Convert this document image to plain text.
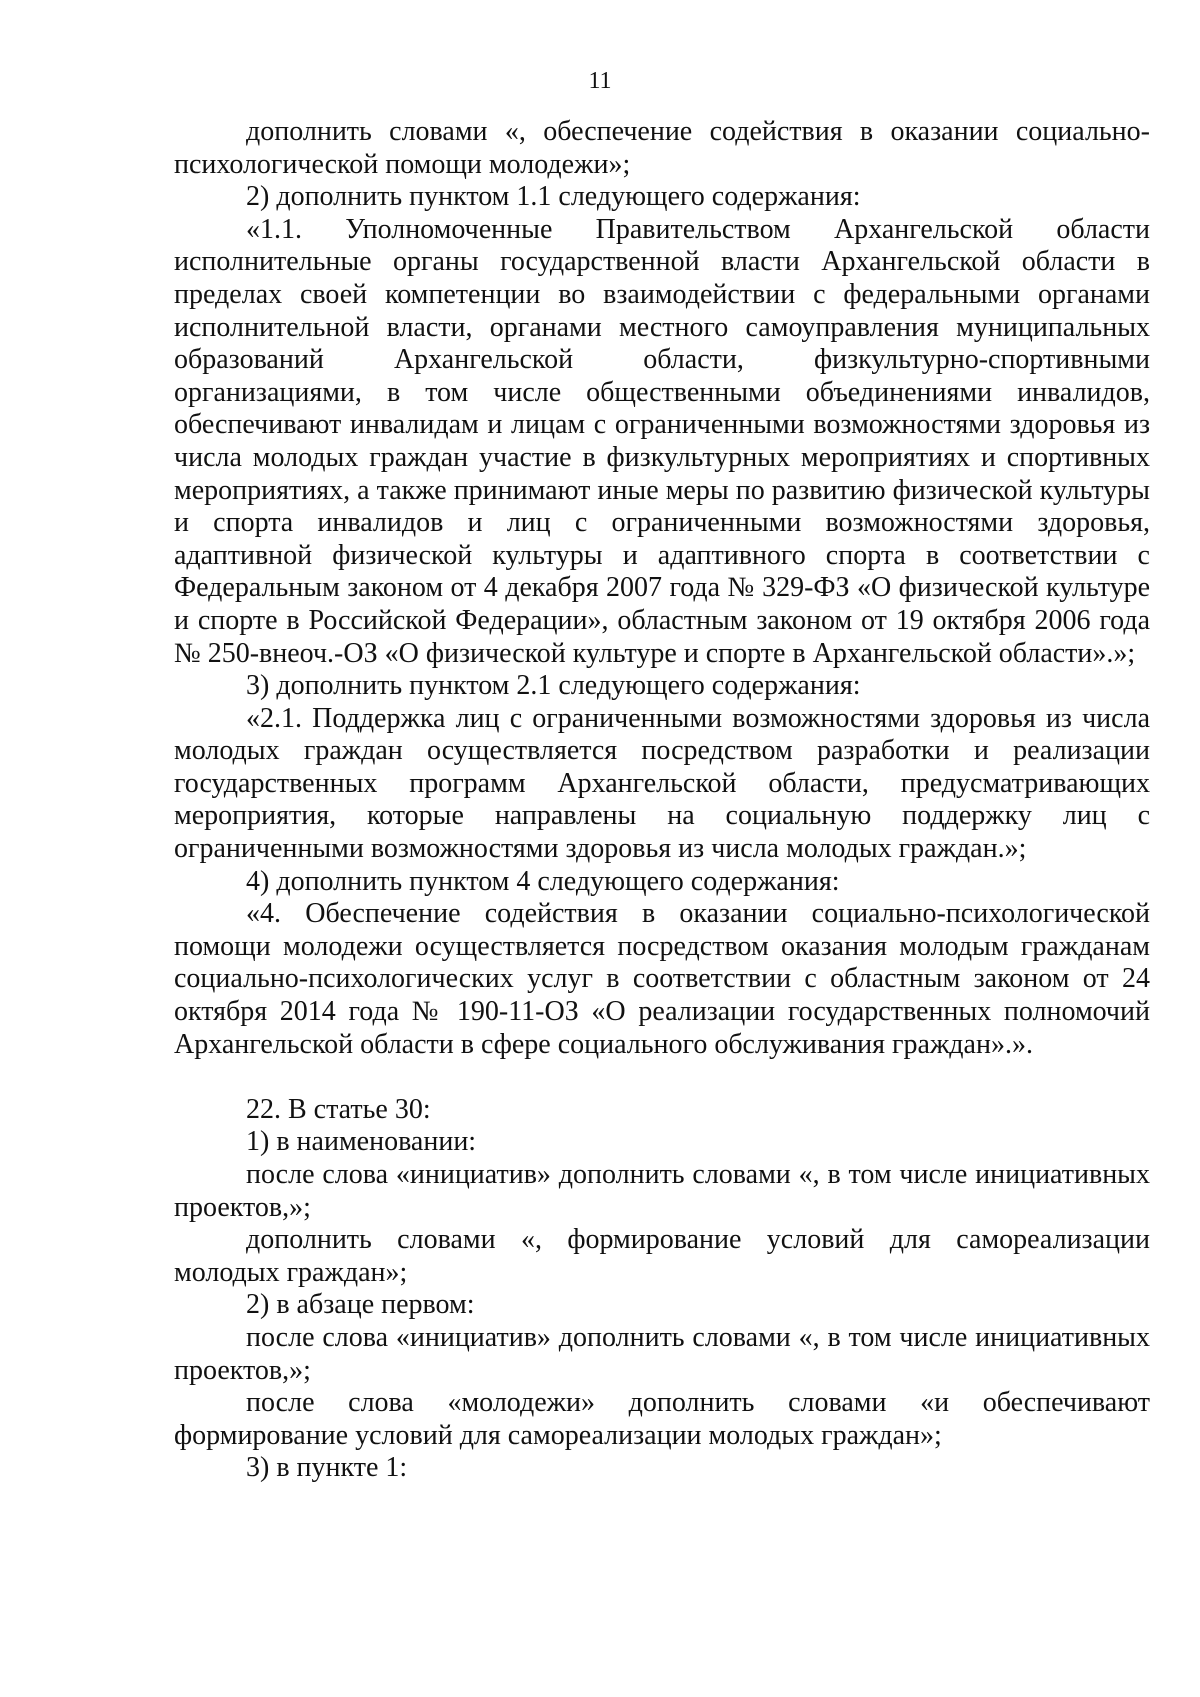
11

дополнить словами «, обеспечение содействия в оказании социально-психологической помощи молодежи»;

2) дополнить пунктом 1.1 следующего содержания:

«1.1. Уполномоченные Правительством Архангельской области исполнительные органы государственной власти Архангельской области в пределах своей компетенции во взаимодействии с федеральными органами исполнительной власти, органами местного самоуправления муниципальных образований Архангельской области, физкультурно-спортивными организациями, в том числе общественными объединениями инвалидов, обеспечивают инвалидам и лицам с ограниченными возможностями здоровья из числа молодых граждан участие в физкультурных мероприятиях и спортивных мероприятиях, а также принимают иные меры по развитию физической культуры и спорта инвалидов и лиц с ограниченными возможностями здоровья, адаптивной физической культуры и адаптивного спорта в соответствии с Федеральным законом от 4 декабря 2007 года № 329-ФЗ «О физической культуре и спорте в Российской Федерации», областным законом от 19 октября 2006 года № 250-внеоч.-ОЗ «О физической культуре и спорте в Архангельской области».»;

3) дополнить пунктом 2.1 следующего содержания:

«2.1. Поддержка лиц с ограниченными возможностями здоровья из числа молодых граждан осуществляется посредством разработки и реализации государственных программ Архангельской области, предусматривающих мероприятия, которые направлены на социальную поддержку лиц с ограниченными возможностями здоровья из числа молодых граждан.»;

4) дополнить пунктом 4 следующего содержания:

«4. Обеспечение содействия в оказании социально-психологической помощи молодежи осуществляется посредством оказания молодым гражданам социально-психологических услуг в соответствии с областным законом от 24 октября 2014 года № 190-11-ОЗ «О реализации государственных полномочий Архангельской области в сфере социального обслуживания граждан».».

22. В статье 30:

1) в наименовании:

после слова «инициатив» дополнить словами «, в том числе инициативных проектов,»;

дополнить словами «, формирование условий для самореализации молодых граждан»;

2) в абзаце первом:

после слова «инициатив» дополнить словами «, в том числе инициативных проектов,»;

после слова «молодежи» дополнить словами «и обеспечивают формирование условий для самореализации молодых граждан»;

3) в пункте 1:
